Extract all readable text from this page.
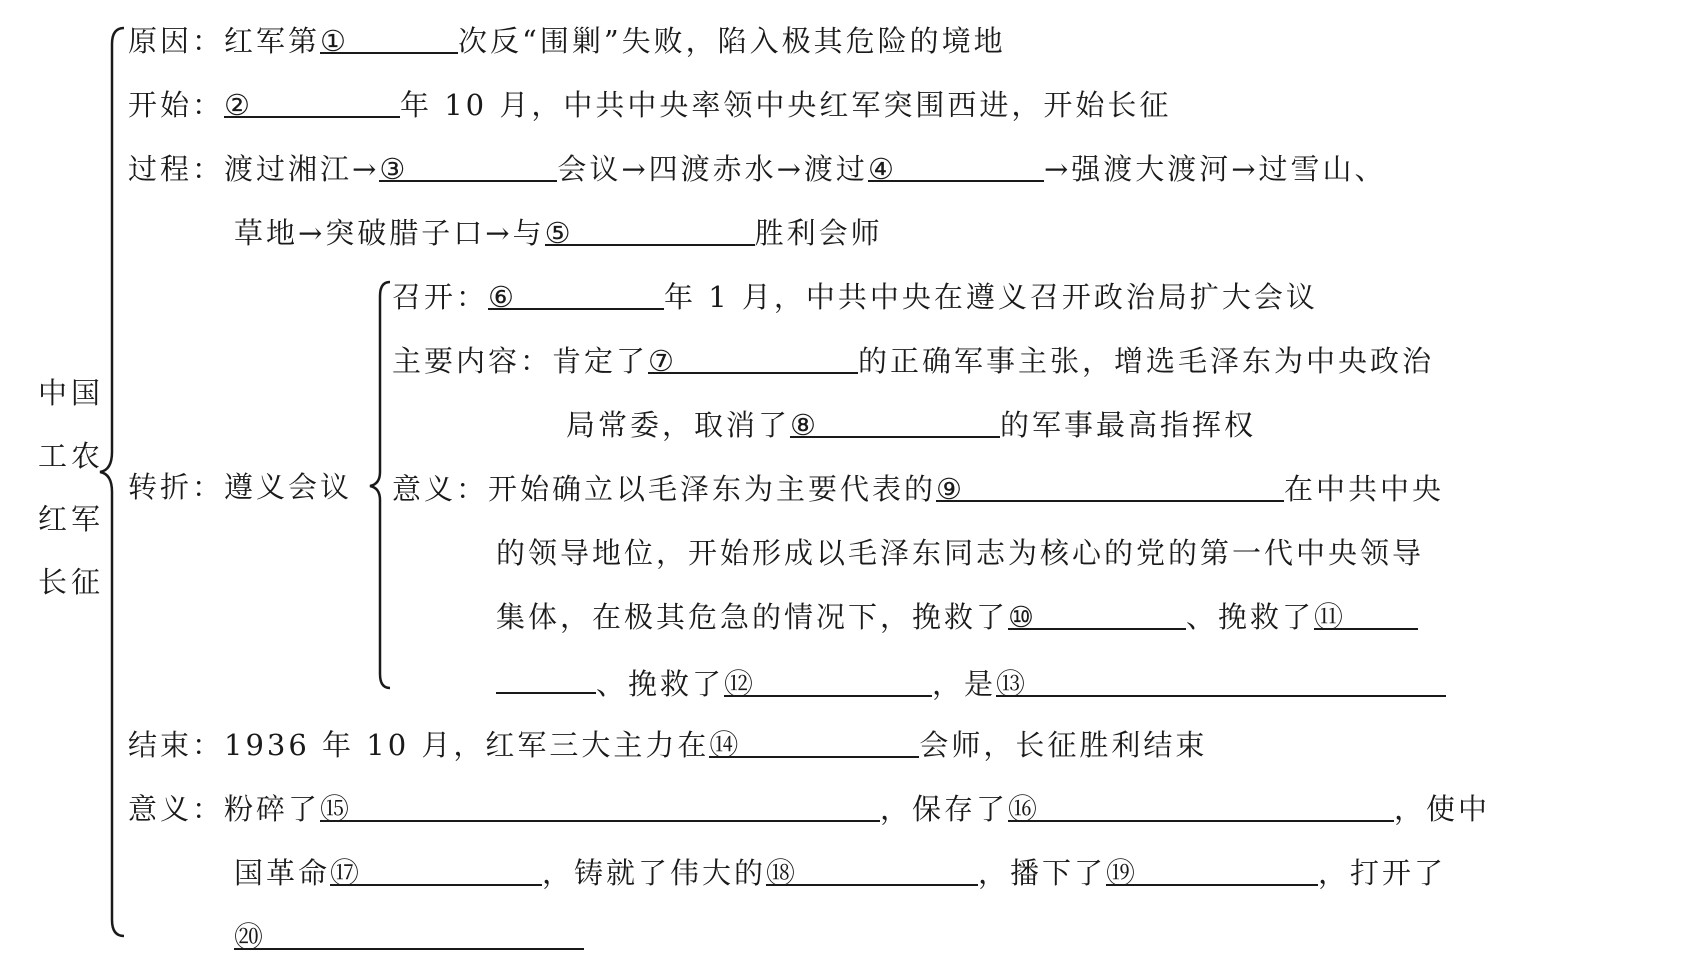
中国
工农
红军
长征
原因：红军第①	次反“围剿”失败，陷入极其危险的境地
开始：②	年 10 月，中共中央率领中央红军突围西进，开始长征
过程：渡过湘江→③	会议→四渡赤水→渡过④	→强渡大渡河→过雪山、
草地→突破腊子口→与⑤	胜利会师
转折：遵义会议
召开：⑥	年 1 月，中共中央在遵义召开政治局扩大会议
主要内容：肯定了⑦	的正确军事主张，增选毛泽东为中央政治
局常委，取消了⑧	的军事最高指挥权
意义：开始确立以毛泽东为主要代表的⑨	在中共中央
的领导地位，开始形成以毛泽东同志为核心的党的第一代中央领导
集体，在极其危急的情况下，挽救了⑩	、挽救了⑪
、挽救了⑫	，是⑬
结束：1936 年 10 月，红军三大主力在⑭	会师，长征胜利结束
意义：粉碎了⑮	，保存了⑯	，使中
国革命⑰	，铸就了伟大的⑱	，播下了⑲	，打开了
⑳
